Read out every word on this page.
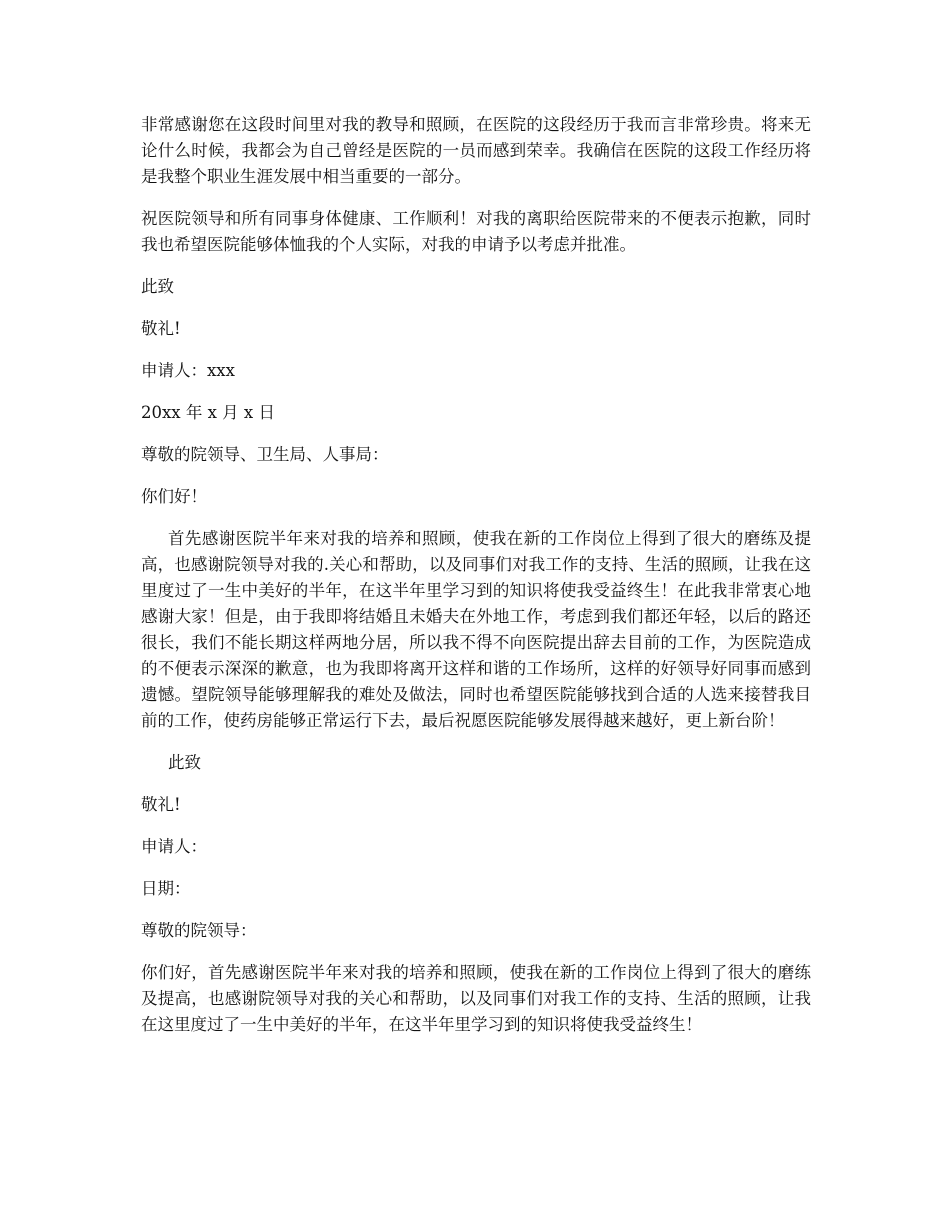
非常感谢您在这段时间里对我的教导和照顾，在医院的这段经历于我而言非常珍贵。将来无论什么时候，我都会为自己曾经是医院的一员而感到荣幸。我确信在医院的这段工作经历将是我整个职业生涯发展中相当重要的一部分。

祝医院领导和所有同事身体健康、工作顺利！对我的离职给医院带来的不便表示抱歉，同时我也希望医院能够体恤我的个人实际，对我的申请予以考虑并批准。

此致

敬礼!

申请人：xxx

20xx 年 x 月 x 日

尊敬的院领导、卫生局、人事局：

你们好！

首先感谢医院半年来对我的培养和照顾，使我在新的工作岗位上得到了很大的磨练及提高，也感谢院领导对我的.关心和帮助，以及同事们对我工作的支持、生活的照顾，让我在这里度过了一生中美好的半年，在这半年里学习到的知识将使我受益终生！在此我非常衷心地感谢大家！但是，由于我即将结婚且未婚夫在外地工作，考虑到我们都还年轻，以后的路还很长，我们不能长期这样两地分居，所以我不得不向医院提出辞去目前的工作，为医院造成的不便表示深深的歉意，也为我即将离开这样和谐的工作场所，这样的好领导好同事而感到遗憾。望院领导能够理解我的难处及做法，同时也希望医院能够找到合适的人选来接替我目前的工作，使药房能够正常运行下去，最后祝愿医院能够发展得越来越好，更上新台阶！

此致

敬礼!

申请人：

日期：

尊敬的院领导：

你们好，首先感谢医院半年来对我的培养和照顾，使我在新的工作岗位上得到了很大的磨练及提高，也感谢院领导对我的关心和帮助，以及同事们对我工作的支持、生活的照顾，让我在这里度过了一生中美好的半年，在这半年里学习到的知识将使我受益终生！
